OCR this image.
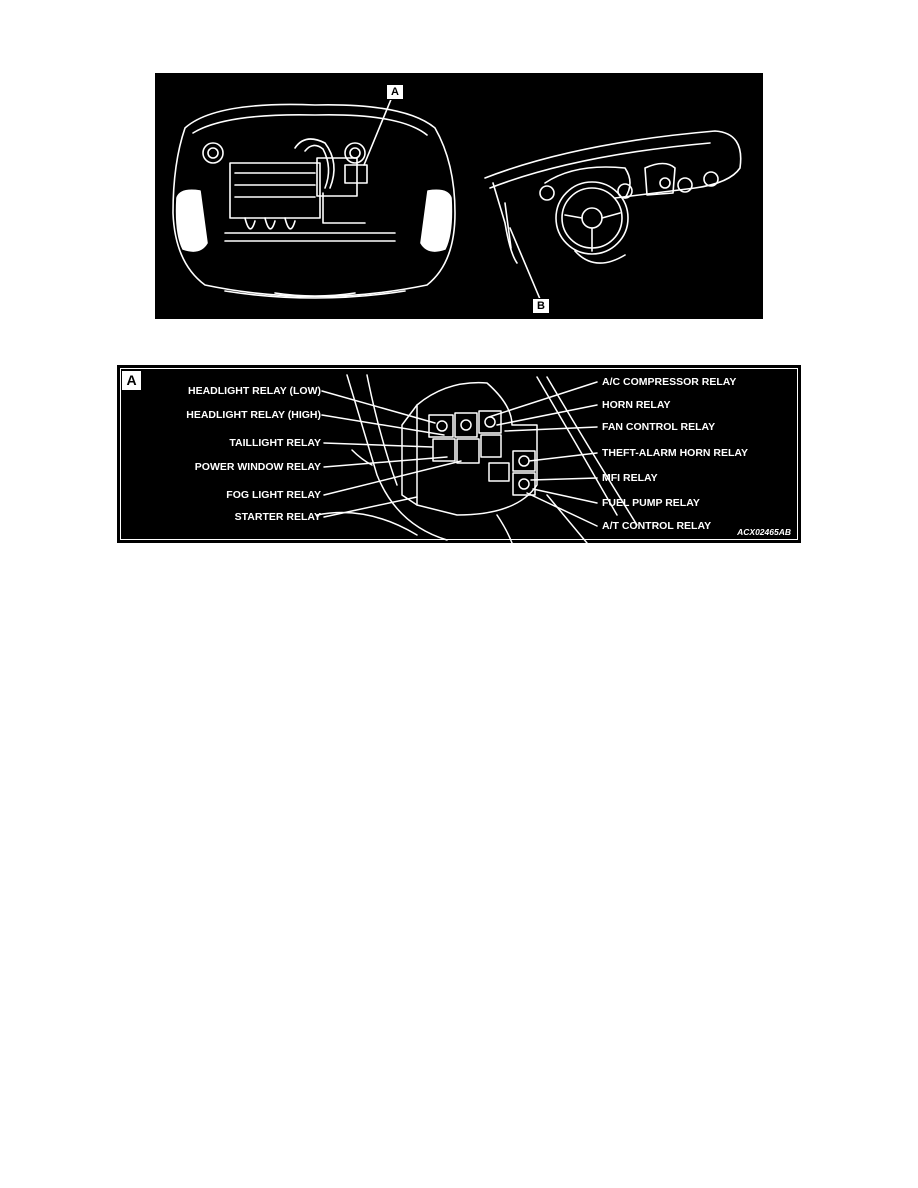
A
B
A
HEADLIGHT RELAY (LOW)
HEADLIGHT RELAY (HIGH)
TAILLIGHT RELAY
POWER WINDOW RELAY
FOG LIGHT RELAY
STARTER RELAY
A/C COMPRESSOR RELAY
HORN RELAY
FAN CONTROL RELAY
THEFT-ALARM HORN RELAY
MFI RELAY
FUEL PUMP RELAY
A/T CONTROL RELAY	ACX02465AB
